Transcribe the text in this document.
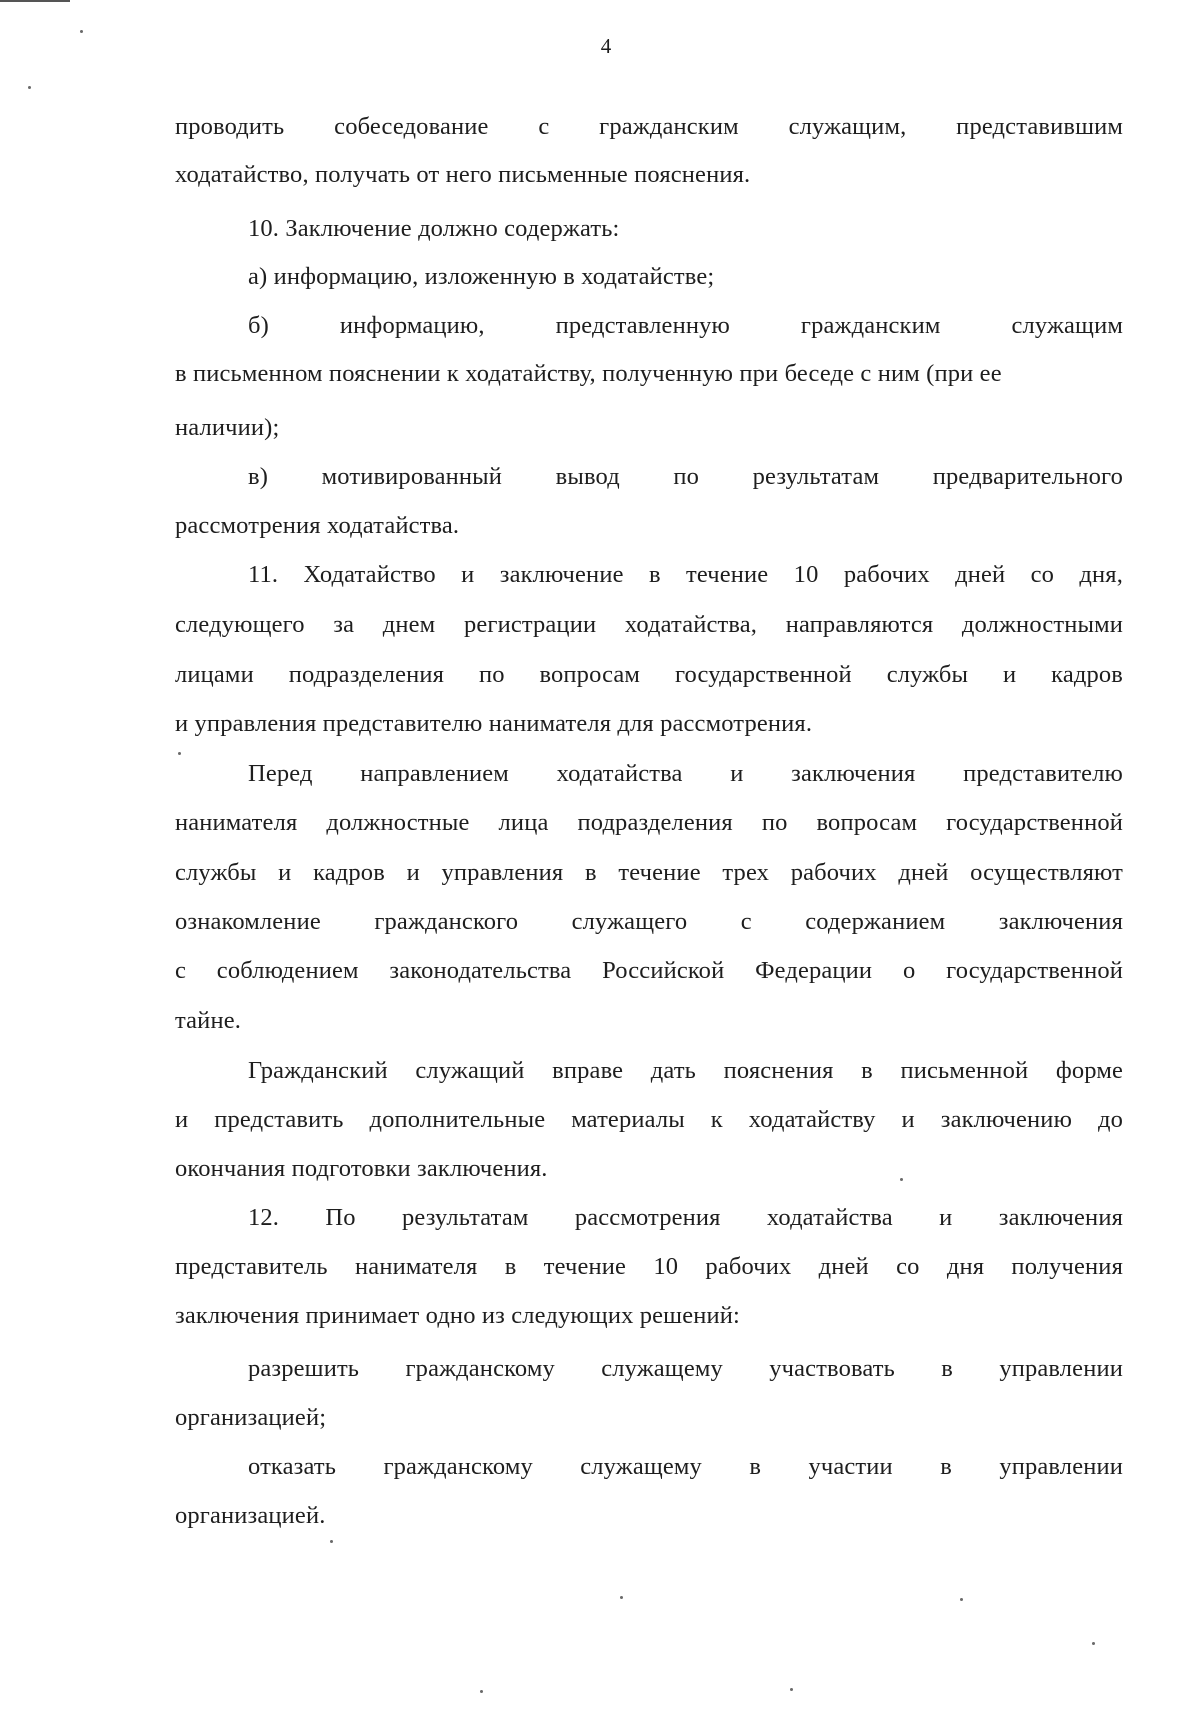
4
проводить собеседование с гражданским служащим, представившим
ходатайство, получать от него письменные пояснения.
10. Заключение должно содержать:
а) информацию, изложенную в ходатайстве;
б) информацию, представленную гражданским служащим
в письменном пояснении к ходатайству, полученную при беседе с ним (при ее
наличии);
в) мотивированный вывод по результатам предварительного
рассмотрения ходатайства.
11. Ходатайство и заключение в течение 10 рабочих дней со дня,
следующего за днем регистрации ходатайства, направляются должностными
лицами подразделения по вопросам государственной службы и кадров
и управления представителю нанимателя для рассмотрения.
Перед направлением ходатайства и заключения представителю
нанимателя должностные лица подразделения по вопросам государственной
службы и кадров и управления в течение трех рабочих дней осуществляют
ознакомление гражданского служащего с содержанием заключения
с соблюдением законодательства Российской Федерации о государственной
тайне.
Гражданский служащий вправе дать пояснения в письменной форме
и представить дополнительные материалы к ходатайству и заключению до
окончания подготовки заключения.
12. По результатам рассмотрения ходатайства и заключения
представитель нанимателя в течение 10 рабочих дней со дня получения
заключения принимает одно из следующих решений:
разрешить гражданскому служащему участвовать в управлении
организацией;
отказать гражданскому служащему в участии в управлении
организацией.
